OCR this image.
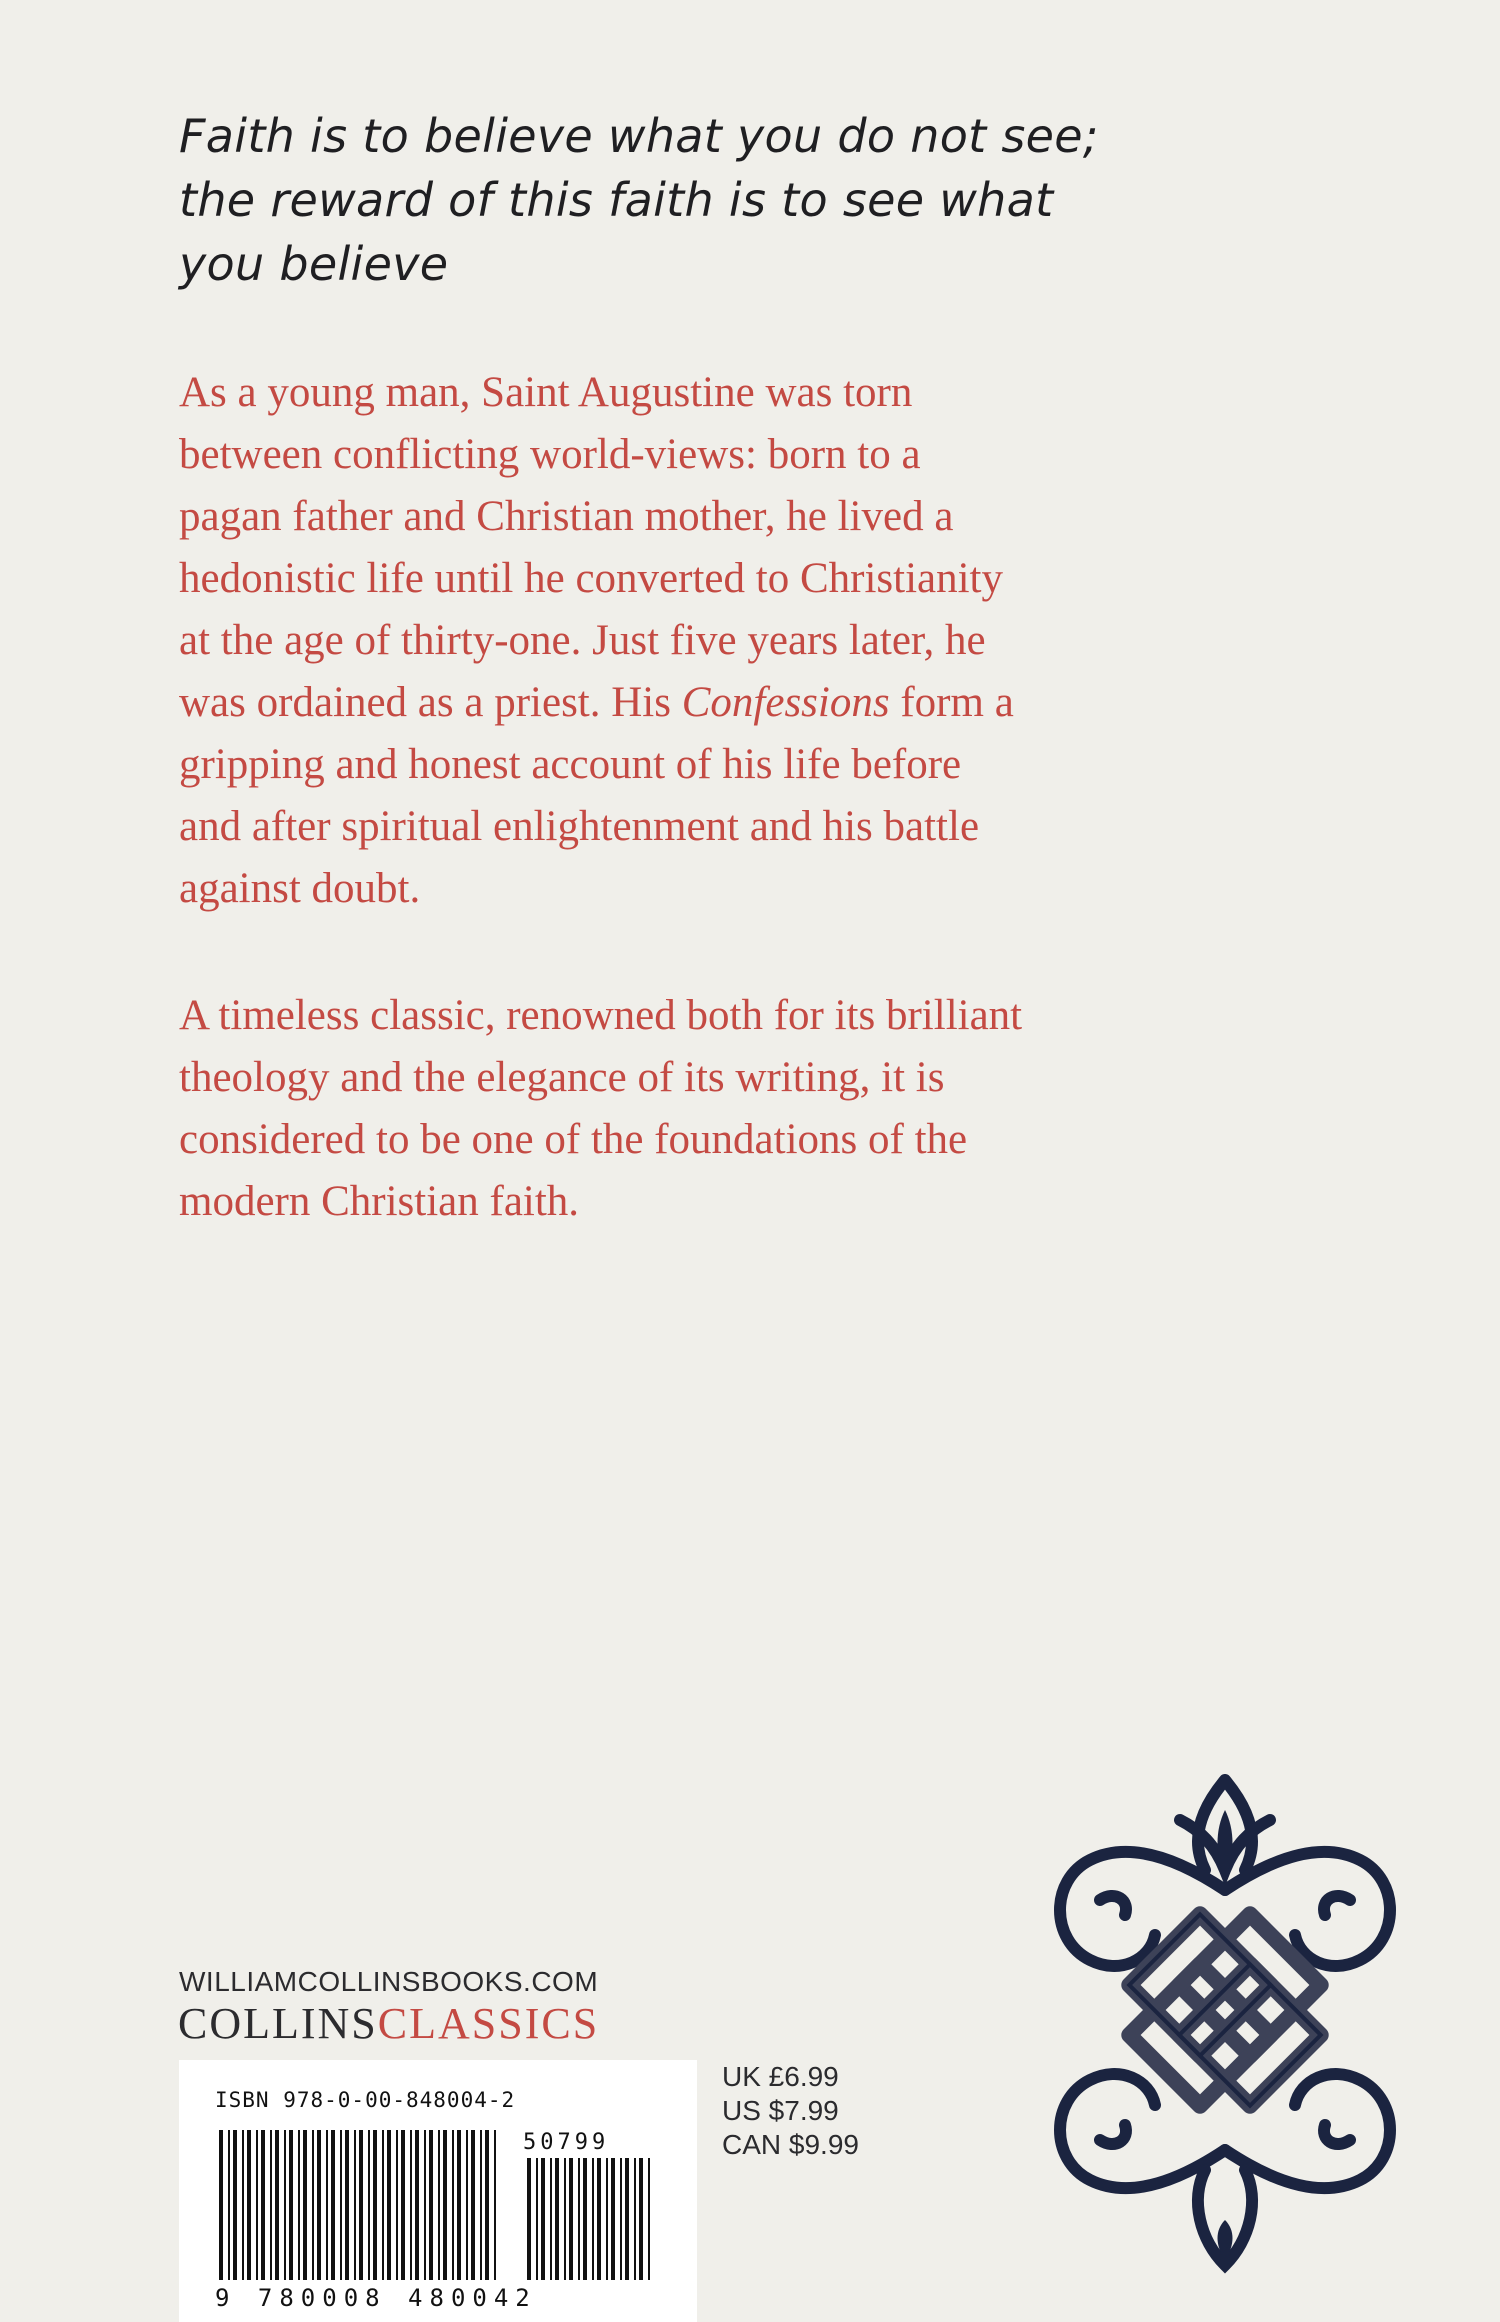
Faith is to believe what you do not see;
the reward of this faith is to see what
you believe
As a young man, Saint Augustine was torn
between conflicting world-views: born to a
pagan father and Christian mother, he lived a
hedonistic life until he converted to Christianity
at the age of thirty-one. Just five years later, he
was ordained as a priest. His Confessions form a
gripping and honest account of his life before
and after spiritual enlightenment and his battle
against doubt.
A timeless classic, renowned both for its brilliant
theology and the elegance of its writing, it is
considered to be one of the foundations of the
modern Christian faith.
WILLIAMCOLLINSBOOKS.COM
COLLINSCLASSICS
ISBN 978-0-00-848004-2
9 780008 480042
50799
UK £6.99
US $7.99
CAN $9.99
